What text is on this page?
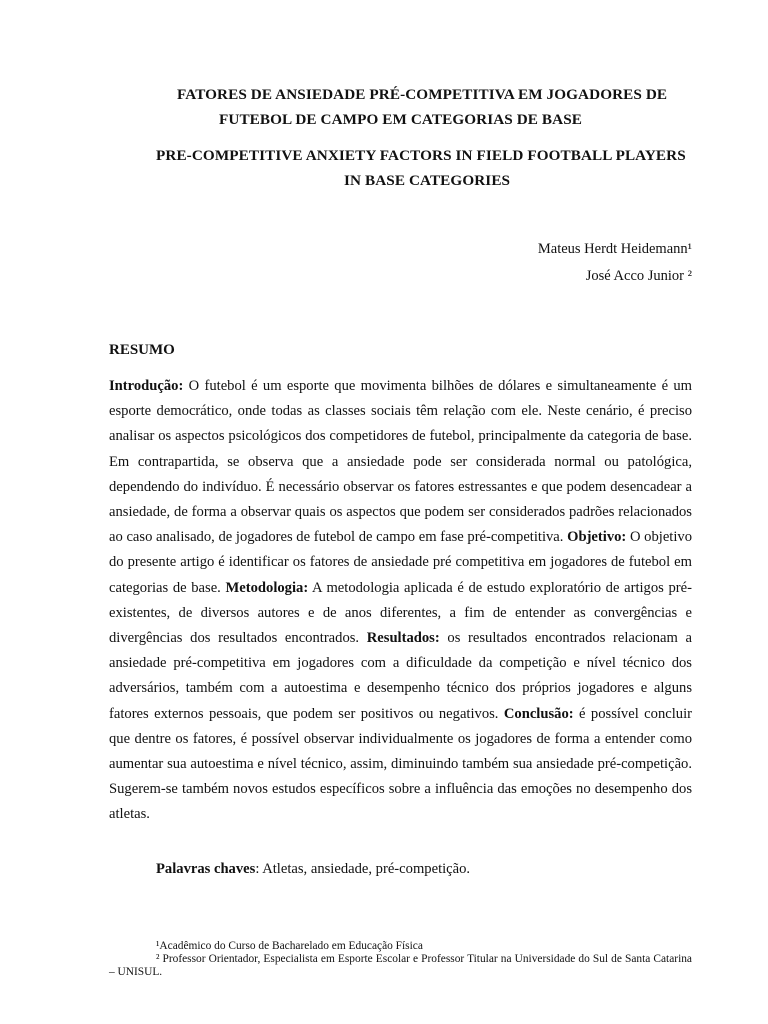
FATORES DE ANSIEDADE PRÉ-COMPETITIVA EM JOGADORES DE
FUTEBOL DE CAMPO EM CATEGORIAS DE BASE
PRE-COMPETITIVE ANXIETY FACTORS IN FIELD FOOTBALL PLAYERS
IN BASE CATEGORIES
Mateus Herdt Heidemann¹
José Acco Junior ²
RESUMO
Introdução: O futebol é um esporte que movimenta bilhões de dólares e simultaneamente é um esporte democrático, onde todas as classes sociais têm relação com ele. Neste cenário, é preciso analisar os aspectos psicológicos dos competidores de futebol, principalmente da categoria de base. Em contrapartida, se observa que a ansiedade pode ser considerada normal ou patológica, dependendo do indivíduo. É necessário observar os fatores estressantes e que podem desencadear a ansiedade, de forma a observar quais os aspectos que podem ser considerados padrões relacionados ao caso analisado, de jogadores de futebol de campo em fase pré-competitiva. Objetivo: O objetivo do presente artigo é identificar os fatores de ansiedade pré competitiva em jogadores de futebol em categorias de base. Metodologia: A metodologia aplicada é de estudo exploratório de artigos pré-existentes, de diversos autores e de anos diferentes, a fim de entender as convergências e divergências dos resultados encontrados. Resultados: os resultados encontrados relacionam a ansiedade pré-competitiva em jogadores com a dificuldade da competição e nível técnico dos adversários, também com a autoestima e desempenho técnico dos próprios jogadores e alguns fatores externos pessoais, que podem ser positivos ou negativos. Conclusão: é possível concluir que dentre os fatores, é possível observar individualmente os jogadores de forma a entender como aumentar sua autoestima e nível técnico, assim, diminuindo também sua ansiedade pré-competição. Sugerem-se também novos estudos específicos sobre a influência das emoções no desempenho dos atletas.
Palavras chaves: Atletas, ansiedade, pré-competição.
¹Acadêmico do Curso de Bacharelado em Educação Física
² Professor Orientador, Especialista em Esporte Escolar e Professor Titular na Universidade do Sul de Santa Catarina – UNISUL.
